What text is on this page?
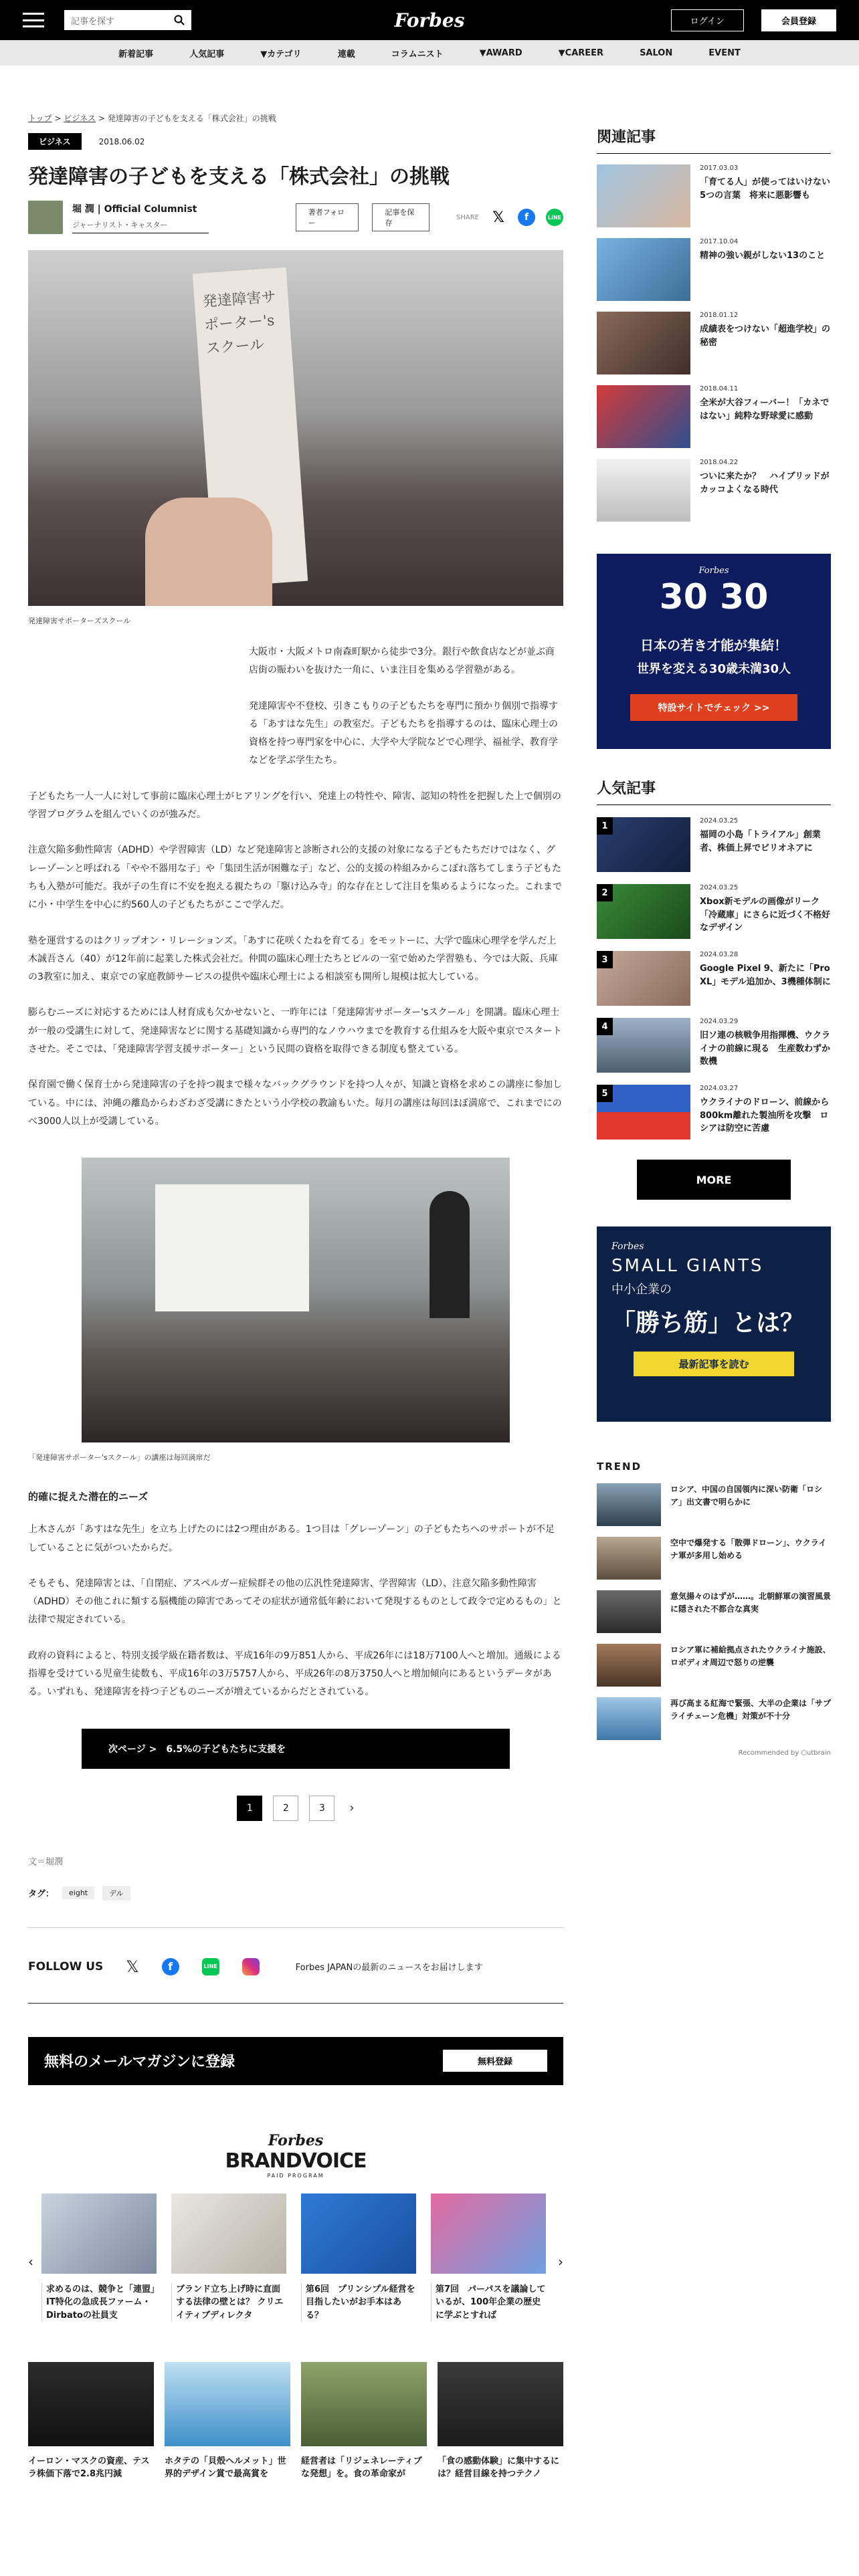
記事を探す	Forbes	ログイン	会員登録
新着記事	人気記事	▼カテゴリ	連載	コラムニスト	▼AWARD	▼CAREER	SALON	EVENT
トップ > ビジネス > 発達障害の子どもを支える「株式会社」の挑戦
ビジネス	2018.06.02
発達障害の子どもを支える「株式会社」の挑戦
堀 潤 | Official Columnist
ジャーナリスト・キャスター
著者フォロー
記事を保存
SHARE 𝕏	f	LINE
発達障害サポーター's スクール
発達障害サポーターズスクール

大阪市・大阪メトロ南森町駅から徒歩で3分。銀行や飲食店などが並ぶ商店街の賑わいを抜けた一角に、いま注目を集める学習塾がある。

発達障害や不登校、引きこもりの子どもたちを専門に預かり個別で指導する「あすはな先生」の教室だ。子どもたちを指導するのは、臨床心理士の資格を持つ専門家を中心に、大学や大学院などで心理学、福祉学、教育学などを学ぶ学生たち。

子どもたち一人一人に対して事前に臨床心理士がヒアリングを行い、発達上の特性や、障害、認知の特性を把握した上で個別の学習プログラムを組んでいくのが強みだ。

注意欠陥多動性障害（ADHD）や学習障害（LD）など発達障害と診断され公的支援の対象になる子どもたちだけではなく、グレーゾーンと呼ばれる「やや不器用な子」や「集団生活が困難な子」など、公的支援の枠組みからこぼれ落ちてしまう子どもたちも入塾が可能だ。我が子の生育に不安を抱える親たちの「駆け込み寺」的な存在として注目を集めるようになった。これまでに小・中学生を中心に約560人の子どもたちがここで学んだ。

塾を運営するのはクリップオン・リレーションズ。「あすに花咲くたねを育てる」をモットーに、大学で臨床心理学を学んだ上木誠吾さん（40）が12年前に起業した株式会社だ。仲間の臨床心理士たちとビルの一室で始めた学習塾も、今では大阪、兵庫の3教室に加え、東京での家庭教師サービスの提供や臨床心理士による相談室も開所し規模は拡大している。

膨らむニーズに対応するためには人材育成も欠かせないと、一昨年には「発達障害サポーター'sスクール」を開講。臨床心理士が一般の受講生に対して、発達障害などに関する基礎知識から専門的なノウハウまでを教育する仕組みを大阪や東京でスタートさせた。そこでは、「発達障害学習支援サポーター」という民間の資格を取得できる制度も整えている。

保育園で働く保育士から発達障害の子を持つ親まで様々なバックグラウンドを持つ人々が、知識と資格を求めこの講座に参加している。中には、沖縄の離島からわざわざ受講にきたという小学校の教諭もいた。毎月の講座は毎回ほぼ満席で、これまでにのべ3000人以上が受講している。

「発達障害サポーター'sスクール」の講座は毎回満席だ
的確に捉えた潜在的ニーズ

上木さんが「あすはな先生」を立ち上げたのには2つ理由がある。1つ目は「グレーゾーン」の子どもたちへのサポートが不足していることに気がついたからだ。

そもそも、発達障害とは、「自閉症、アスペルガー症候群その他の広汎性発達障害、学習障害（LD）、注意欠陥多動性障害（ADHD）その他これに類する脳機能の障害であってその症状が通常低年齢において発現するものとして政令で定めるもの」と法律で規定されている。

政府の資料によると、特別支援学級在籍者数は、平成16年の9万851人から、平成26年には18万7100人へと増加。通級による指導を受けている児童生徒数も、平成16年の3万5757人から、平成26年の8万3750人へと増加傾向にあるというデータがある。いずれも、発達障害を持つ子どものニーズが増えているからだとされている。

次ページ >　6.5%の子どもたちに支援を
1	2	3	›
文＝堀潤
タグ：	eight	デル
FOLLOW US 𝕏	f	LINE	Forbes JAPANの最新のニュースをお届けします
無料のメールマガジンに登録	無料登録
Forbes
BRANDVOICE
PAID PROGRAM
‹
求めるのは、競争と「連盟」IT特化の急成長ファーム・Dirbatoの社員支
ブランド立ち上げ時に直面する法律の壁とは？ クリエイティブディレクタ
第6回　プリンシプル経営を目指したいがお手本はある？
第7回　パーパスを議論しているが、100年企業の歴史に学ぶとすれば
›
イーロン・マスクの資産、テスラ株価下落で2.8兆円減
ホタテの「貝殻ヘルメット」世界的デザイン賞で最高賞を
経営者は「リジェネレーティブな発想」を。食の革命家が
「食の感動体験」に集中するには？経営目線を持つテクノ
関連記事
2017.03.03
「育てる人」が使ってはいけない5つの言葉　将来に悪影響も
2017.10.04
精神の強い親がしない13のこと
2018.01.12
成績表をつけない「超進学校」の秘密
2018.04.11
全米が大谷フィーバー！「カネではない」純粋な野球愛に感動
2018.04.22
ついに来たか？　ハイブリッドがカッコよくなる時代
Forbes
30 30
日本の若き才能が集結！
世界を変える30歳未満30人
特設サイトでチェック >>
人気記事
1	2024.03.25
福岡の小島「トライアル」創業者、株価上昇でビリオネアに
2	2024.03.25
Xbox新モデルの画像がリーク　「冷蔵庫」にさらに近づく不格好なデザイン
3	2024.03.28
Google Pixel 9、新たに「Pro XL」モデル追加か、3機種体制に
4	2024.03.29
旧ソ連の核戦争用指揮機、ウクライナの前線に現る　生産数わずか数機
5	2024.03.27
ウクライナのドローン、前線から800km離れた製油所を攻撃　ロシアは防空に苦慮
MORE
Forbes
SMALL GIANTS
中小企業の
「勝ち筋」とは？
最新記事を読む
TREND
ロシア、中国の自国領内に深い防衛「ロシア」出文書で明らかに
空中で爆発する「散弾ドローン」、ウクライナ軍が多用し始める
意気揚々のはずが……。北朝鮮軍の演習風景に隠された不都合な真実
ロシア軍に補給拠点されたウクライナ施設、ロボディオ周辺で怒りの逆襲
再び高まる紅海で緊張、大半の企業は「サプライチェーン危機」対策が不十分
Recommended by ⬡utbrain
